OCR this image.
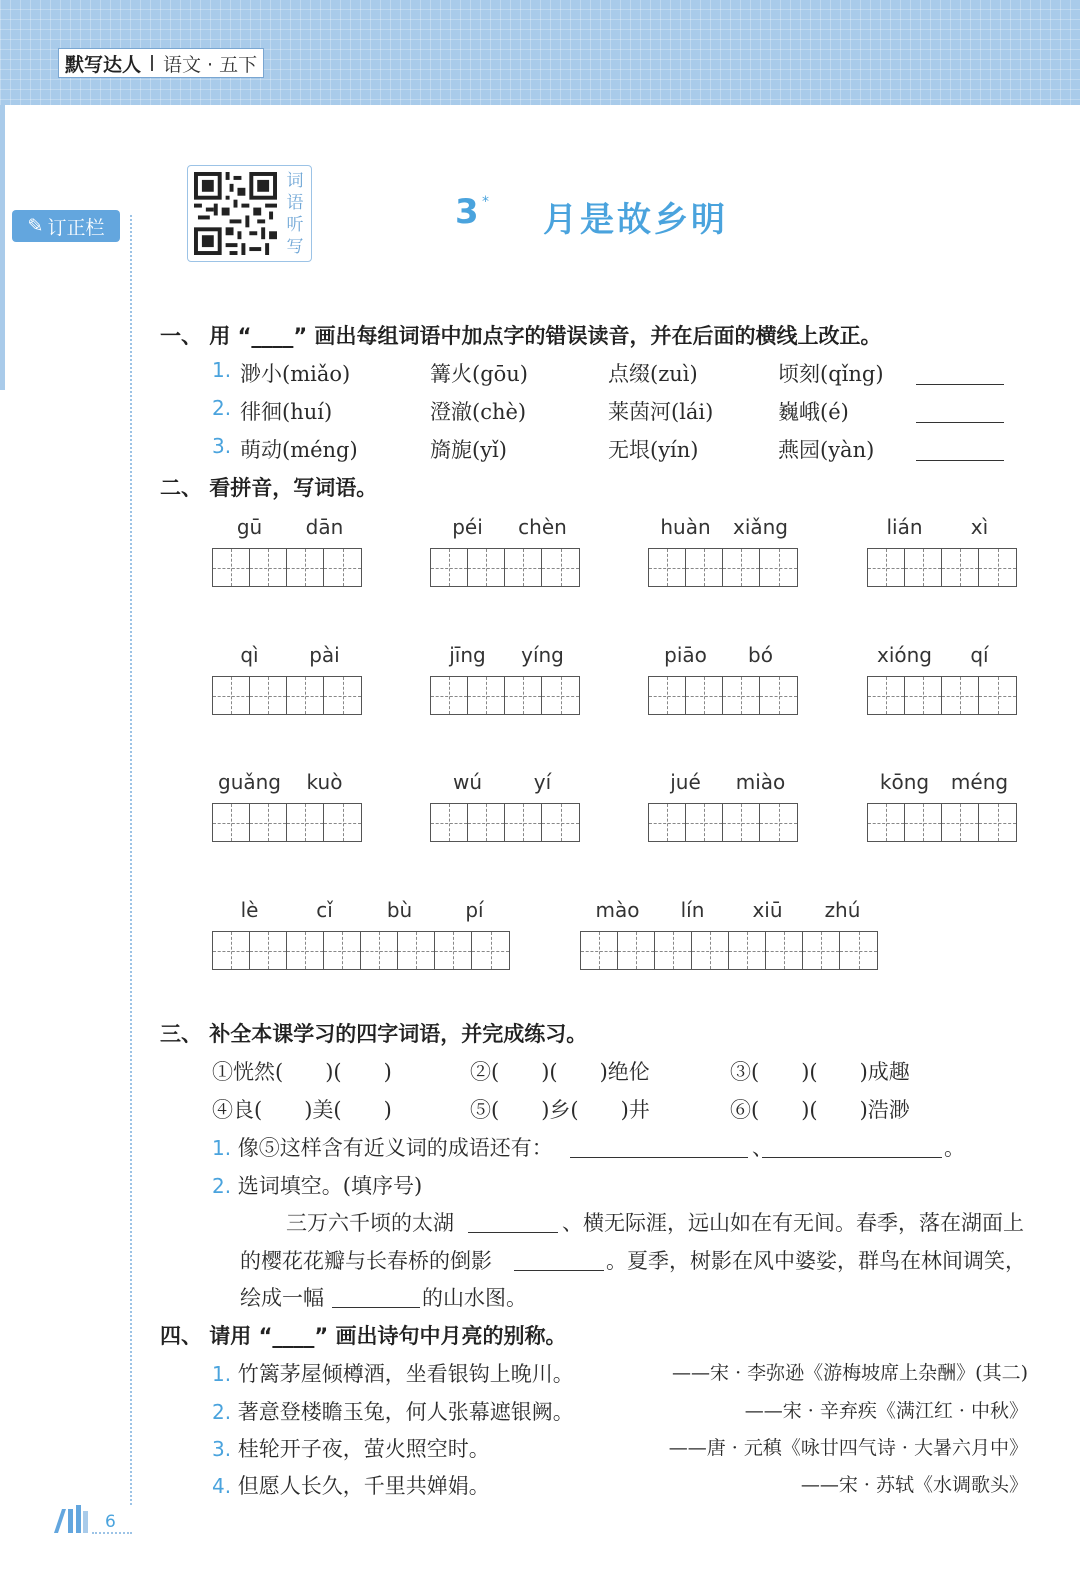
默写达人 语文 · 五下
✎ 订正栏
词
语
听
写
3 * 月是故乡明
一、 用 “____” 画出每组词语中加点字的错误读音，并在后面的横线上改正。
1. 渺小(miǎo)	篝火(gōu)	点缀(zuì)	顷刻(qǐng)
2. 徘徊(huí)	澄澈(chè)	莱茵河(lái)	巍峨(é)
3. 萌动(méng)	旖旎(yǐ)	无垠(yín)	燕园(yàn)
二、 看拼音，写词语。
gū	dān	péi	chèn	huàn	xiǎng	lián	xì
qì	pài	jīng	yíng	piāo	bó	xióng	qí
guǎng	kuò	wú	yí	jué	miào	kōng	méng
lè	cǐ	bù	pí	mào	lín	xiū	zhú
三、 补全本课学习的四字词语，并完成练习。
①恍然(　　)(　　)	②(　　)(　　)绝伦	③(　　)(　　)成趣
④良(　　)美(　　)	⑤(　　)乡(　　)井	⑥(　　)(　　)浩渺
1. 像⑤这样含有近义词的成语还有：	、	。
2. 选词填空。(填序号)
三万六千顷的太湖	、横无际涯，远山如在有无间。春季，落在湖面上
的樱花花瓣与长春桥的倒影	。夏季，树影在风中婆娑，群鸟在林间调笑，
绘成一幅	的山水图。
四、 请用 “____” 画出诗句中月亮的别称。
1. 竹篱茅屋倾樽酒，坐看银钩上晚川。	——宋 · 李弥逊《游梅坡席上杂酬》(其二)
2. 著意登楼瞻玉兔，何人张幕遮银阙。	——宋 · 辛弃疾《满江红 · 中秋》
3. 桂轮开子夜，萤火照空时。	——唐 · 元稹《咏廿四气诗 · 大暑六月中》
4. 但愿人长久，千里共婵娟。	——宋 · 苏轼《水调歌头》
6
